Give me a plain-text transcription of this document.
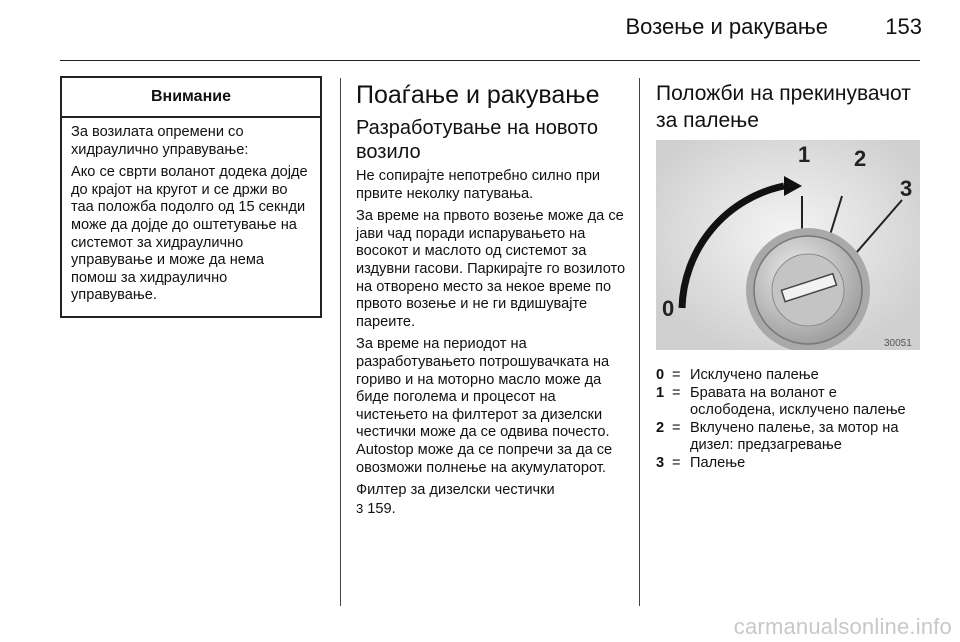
Возење и ракување	153
Внимание

За возилата опремени со хидраулично управување:

Ако се сврти воланот додека дојде до крајот на кругот и се држи во таа положба подолго од 15 секнди може да дојде до оштетување на системот за хидраулично управување и може да нема помош за хидраулично управување.

Поаѓање и ракување
Разработување на новото возило

Не сопирајте непотребно силно при првите неколку патувања.

За време на првото возење може да се јави чад поради испарувањето на восокот и маслото од системот за издувни гасови. Паркирајте го возилото на отворено место за некое време по првото возење и не ги вдишувајте пареите.

За време на периодот на разработувањето потрошувачката на гориво и на моторно масло може да биде поголема и процесот на чистењето на филтерот за дизелски честички може да се одвива почесто. Autostop може да се попречи за да се овозможи полнење на акумулаторот.

Филтер за дизелски честички
3 159.

Положби на прекинувачот за палење
1 2
3
0
30051
0 = Исклучено палење
1 = Бравата на воланот е ослободена, исклучено палење
2 = Вклучено палење, за мотор на дизел: предзагревање
3 = Палење
carmanualsonline.info
